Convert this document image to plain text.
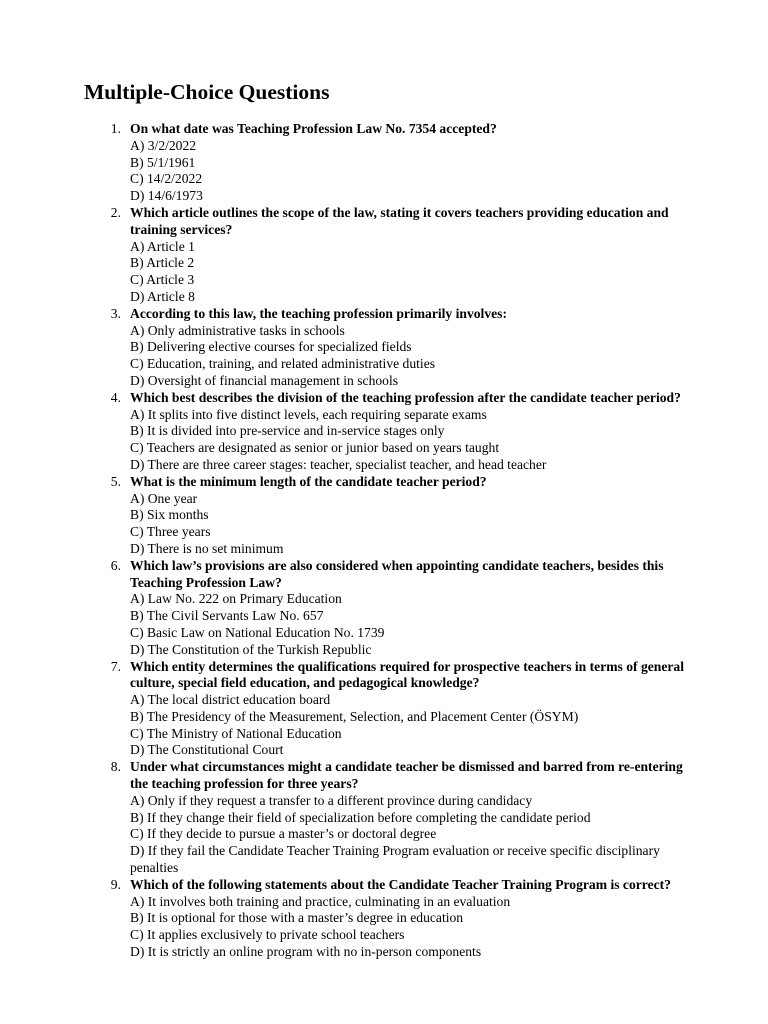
Multiple-Choice Questions
1. On what date was Teaching Profession Law No. 7354 accepted?
A) 3/2/2022
B) 5/1/1961
C) 14/2/2022
D) 14/6/1973
2. Which article outlines the scope of the law, stating it covers teachers providing education and training services?
A) Article 1
B) Article 2
C) Article 3
D) Article 8
3. According to this law, the teaching profession primarily involves:
A) Only administrative tasks in schools
B) Delivering elective courses for specialized fields
C) Education, training, and related administrative duties
D) Oversight of financial management in schools
4. Which best describes the division of the teaching profession after the candidate teacher period?
A) It splits into five distinct levels, each requiring separate exams
B) It is divided into pre-service and in-service stages only
C) Teachers are designated as senior or junior based on years taught
D) There are three career stages: teacher, specialist teacher, and head teacher
5. What is the minimum length of the candidate teacher period?
A) One year
B) Six months
C) Three years
D) There is no set minimum
6. Which law’s provisions are also considered when appointing candidate teachers, besides this Teaching Profession Law?
A) Law No. 222 on Primary Education
B) The Civil Servants Law No. 657
C) Basic Law on National Education No. 1739
D) The Constitution of the Turkish Republic
7. Which entity determines the qualifications required for prospective teachers in terms of general culture, special field education, and pedagogical knowledge?
A) The local district education board
B) The Presidency of the Measurement, Selection, and Placement Center (ÖSYM)
C) The Ministry of National Education
D) The Constitutional Court
8. Under what circumstances might a candidate teacher be dismissed and barred from re-entering the teaching profession for three years?
A) Only if they request a transfer to a different province during candidacy
B) If they change their field of specialization before completing the candidate period
C) If they decide to pursue a master’s or doctoral degree
D) If they fail the Candidate Teacher Training Program evaluation or receive specific disciplinary penalties
9. Which of the following statements about the Candidate Teacher Training Program is correct?
A) It involves both training and practice, culminating in an evaluation
B) It is optional for those with a master’s degree in education
C) It applies exclusively to private school teachers
D) It is strictly an online program with no in-person components
